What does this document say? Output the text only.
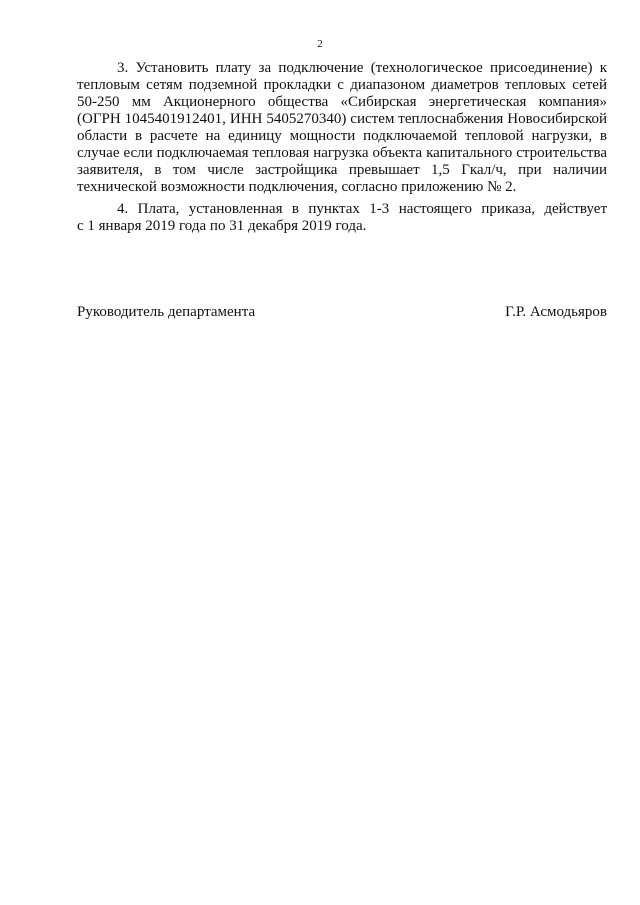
2
3. Установить плату за подключение (технологическое присоединение) к
тепловым сетям подземной прокладки с диапазоном диаметров тепловых сетей
50-250 мм Акционерного общества «Сибирская энергетическая компания»
(ОГРН 1045401912401, ИНН 5405270340) систем теплоснабжения Новосибирской
области в расчете на единицу мощности подключаемой тепловой нагрузки, в
случае если подключаемая тепловая нагрузка объекта капитального строительства
заявителя, в том числе застройщика превышает 1,5 Гкал/ч, при наличии
технической возможности подключения, согласно приложению № 2.
4. Плата, установленная в пунктах 1-3 настоящего приказа, действует
с 1 января 2019 года по 31 декабря 2019 года.
Руководитель департамента	Г.Р. Асмодьяров
